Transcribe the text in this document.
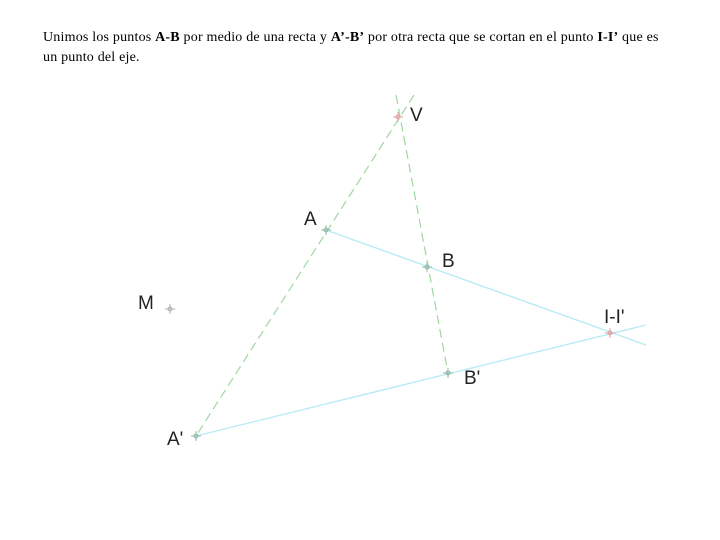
Unimos los puntos A-B por medio de una recta y A’-B’ por otra recta que se cortan en el punto I-I’ que es un punto del eje.
V
A
B
M
I-I'
B'
A'
